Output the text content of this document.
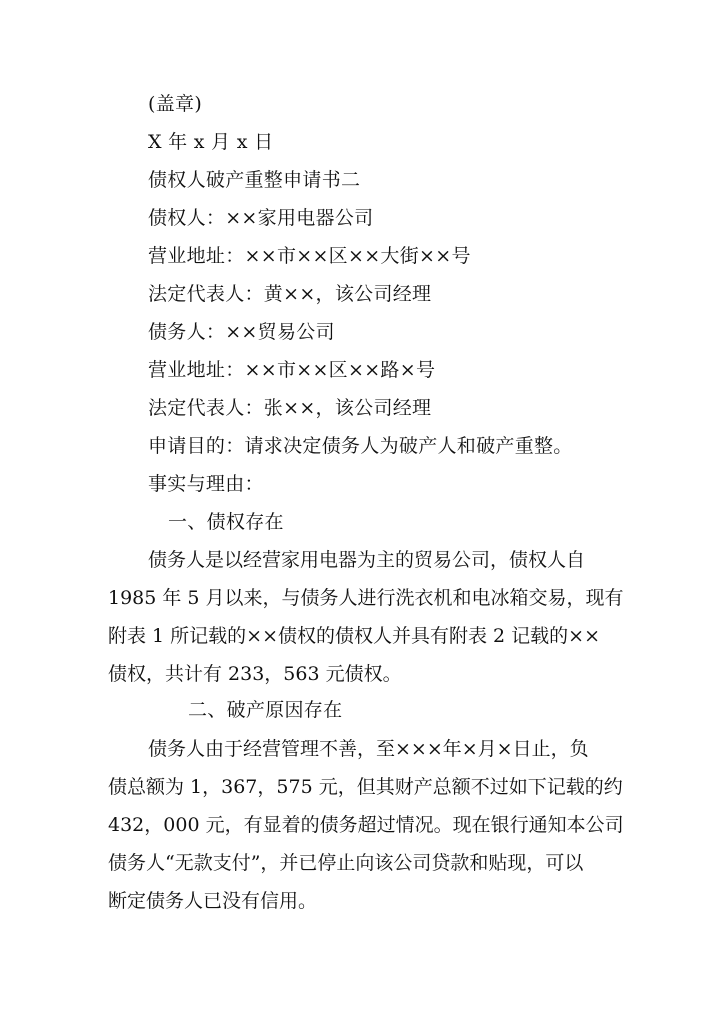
(盖章)
X 年 x 月 x 日
债权人破产重整申请书二
债权人：××家用电器公司
营业地址：××市××区××大街××号
法定代表人：黄××，该公司经理
债务人：××贸易公司
营业地址：××市××区××路×号
法定代表人：张××，该公司经理
申请目的：请求决定债务人为破产人和破产重整。
事实与理由：
一、债权存在
债务人是以经营家用电器为主的贸易公司，债权人自
1985 年 5 月以来，与债务人进行洗衣机和电冰箱交易，现有
附表 1 所记载的××债权的债权人并具有附表 2 记载的××
债权，共计有 233，563 元债权。
二、破产原因存在
债务人由于经营管理不善，至×××年×月×日止，负
债总额为 1，367，575 元，但其财产总额不过如下记载的约
432，000 元，有显着的债务超过情况。现在银行通知本公司
债务人“无款支付”，并已停止向该公司贷款和贴现，可以
断定债务人已没有信用。
